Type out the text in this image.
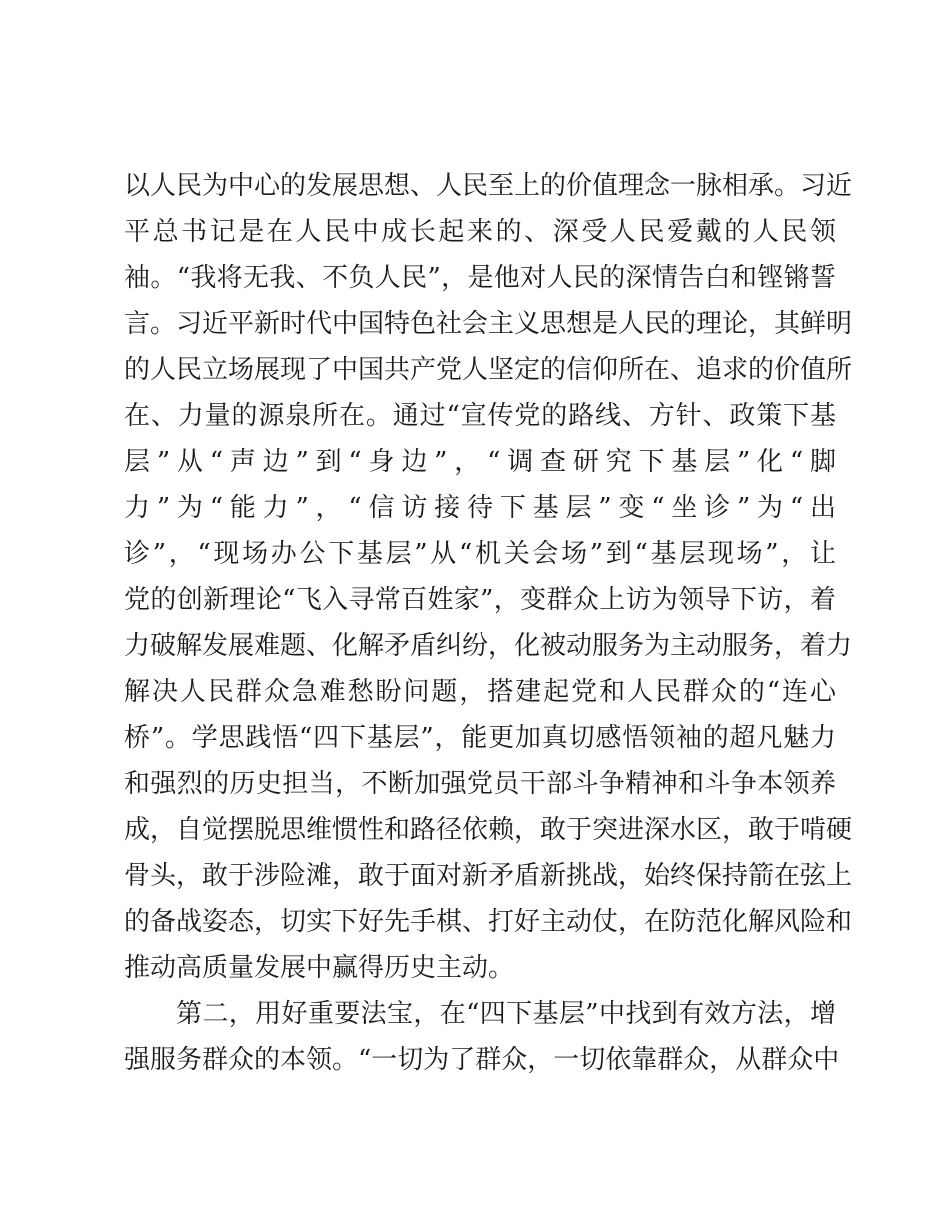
以人民为中心的发展思想、人民至上的价值理念一脉相承。习近
平总书记是在人民中成长起来的、深受人民爱戴的人民领
袖。“我将无我、不负人民”，是他对人民的深情告白和铿锵誓
言。习近平新时代中国特色社会主义思想是人民的理论，其鲜明
的人民立场展现了中国共产党人坚定的信仰所在、追求的价值所
在、力量的源泉所在。通过“宣传党的路线、方针、政策下基
层”从“声边”到“身边”，“调查研究下基层”化“脚
力”为“能力”，“信访接待下基层”变“坐诊”为“出
诊”，“现场办公下基层”从“机关会场”到“基层现场”，让
党的创新理论“飞入寻常百姓家”，变群众上访为领导下访，着
力破解发展难题、化解矛盾纠纷，化被动服务为主动服务，着力
解决人民群众急难愁盼问题，搭建起党和人民群众的“连心
桥”。学思践悟“四下基层”，能更加真切感悟领袖的超凡魅力
和强烈的历史担当，不断加强党员干部斗争精神和斗争本领养
成，自觉摆脱思维惯性和路径依赖，敢于突进深水区，敢于啃硬
骨头，敢于涉险滩，敢于面对新矛盾新挑战，始终保持箭在弦上
的备战姿态，切实下好先手棋、打好主动仗，在防范化解风险和
推动高质量发展中赢得历史主动。
第二，用好重要法宝，在“四下基层”中找到有效方法，增
强服务群众的本领。“一切为了群众，一切依靠群众，从群众中
